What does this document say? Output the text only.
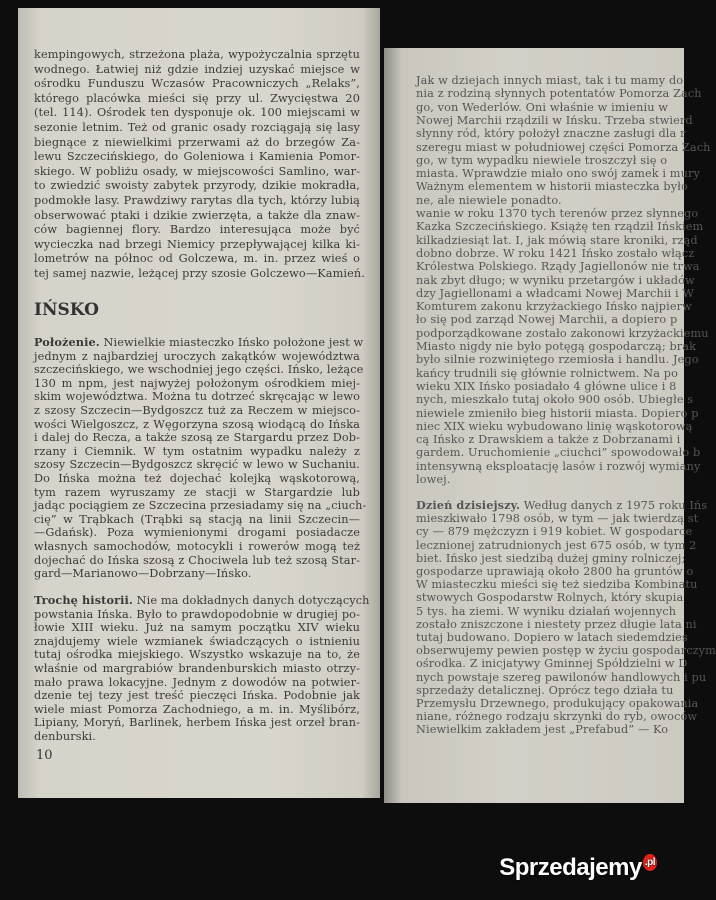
kempingowych, strzeżona plaża, wypożyczalnia sprzętu
wodnego. Łatwiej niż gdzie indziej uzyskać miejsce w
ośrodku Funduszu Wczasów Pracowniczych „Relaks”,
którego placówka mieści się przy ul. Zwycięstwa 20
(tel. 114). Ośrodek ten dysponuje ok. 100 miejscami w
sezonie letnim. Też od granic osady rozciągają się lasy
biegnące z niewielkimi przerwami aż do brzegów Za-
lewu Szczecińskiego, do Goleniowa i Kamienia Pomor-
skiego. W pobliżu osady, w miejscowości Samlino, war-
to zwiedzić swoisty zabytek przyrody, dzikie mokradła,
podmokłe lasy. Prawdziwy rarytas dla tych, którzy lubią
obserwować ptaki i dzikie zwierzęta, a także dla znaw-
ców bagiennej flory. Bardzo interesująca może być
wycieczka nad brzegi Niemicy przepływającej kilka ki-
lometrów na północ od Golczewa, m. in. przez wieś o
tej samej nazwie, leżącej przy szosie Golczewo—Kamień.
IŃSKO
Położenie. Niewielkie miasteczko Ińsko położone jest w
jednym z najbardziej uroczych zakątków województwa
szczecińskiego, we wschodniej jego części. Ińsko, leżące
130 m npm, jest najwyżej położonym ośrodkiem miej-
skim województwa. Można tu dotrzeć skręcając w lewo
z szosy Szczecin—Bydgoszcz tuż za Reczem w miejsco-
wości Wielgoszcz, z Węgorzyna szosą wiodącą do Ińska
i dalej do Recza, a także szosą ze Stargardu przez Dob-
rzany i Ciemnik. W tym ostatnim wypadku należy z
szosy Szczecin—Bydgoszcz skręcić w lewo w Suchaniu.
Do Ińska można też dojechać kolejką wąskotorową,
tym razem wyruszamy ze stacji w Stargardzie lub
jadąc pociągiem ze Szczecina przesiadamy się na „ciuch-
cię” w Trąbkach (Trąbki są stacją na linii Szczecin—
—Gdańsk). Poza wymienionymi drogami posiadacze
własnych samochodów, motocykli i rowerów mogą też
dojechać do Ińska szosą z Chociwela lub też szosą Star-
gard—Marianowo—Dobrzany—Ińsko.
Trochę historii. Nie ma dokładnych danych dotyczących
powstania Ińska. Było to prawdopodobnie w drugiej po-
łowie XIII wieku. Już na samym początku XIV wieku
znajdujemy wiele wzmianek świadczących o istnieniu
tutaj ośrodka miejskiego. Wszystko wskazuje na to, że
właśnie od margrabiów brandenburskich miasto otrzy-
mało prawa lokacyjne. Jednym z dowodów na potwier-
dzenie tej tezy jest treść pieczęci Ińska. Podobnie jak
wiele miast Pomorza Zachodniego, a m. in. Myślibórz,
Lipiany, Moryń, Barlinek, herbem Ińska jest orzeł bran-
denburski.
10
Jak w dziejach innych miast, tak i tu mamy do
nia z rodziną słynnych potentatów Pomorza Zach
go, von Wederlów. Oni właśnie w imieniu w
Nowej Marchii rządzili w Ińsku. Trzeba stwierd
słynny ród, który położył znaczne zasługi dla r
szeregu miast w południowej części Pomorza Zach
go, w tym wypadku niewiele troszczył się o
miasta. Wprawdzie miało ono swój zamek i mury
Ważnym elementem w historii miasteczka było
ne, ale niewiele ponadto.
wanie w roku 1370 tych terenów przez słynnego
Kazka Szczecińskiego. Książę ten rządził Ińskiem
kilkadziesiąt lat. I, jak mówią stare kroniki, rząd
dobno dobrze. W roku 1421 Ińsko zostało włącz
Królestwa Polskiego. Rządy Jagiellonów nie trwa
nak zbyt długo; w wyniku przetargów i układów
dzy Jagiellonami a władcami Nowej Marchii i W
Komturem zakonu krzyżackiego Ińsko najpierw
ło się pod zarząd Nowej Marchii, a dopiero p
podporządkowane zostało zakonowi krzyżackiemu
Miasto nigdy nie było potęgą gospodarczą; brak
było silnie rozwiniętego rzemiosła i handlu. Jego
kańcy trudnili się głównie rolnictwem. Na po
wieku XIX Ińsko posiadało 4 główne ulice i 8
nych, mieszkało tutaj około 900 osób. Ubiegłe s
niewiele zmieniło bieg historii miasta. Dopiero p
niec XIX wieku wybudowano linię wąskotorową
cą Ińsko z Drawskiem a także z Dobrzanami i
gardem. Uruchomienie „ciuchci” spowodowało b
intensywną eksploatację lasów i rozwój wymiany
lowej.
Dzień dzisiejszy. Według danych z 1975 roku Ińs
mieszkiwało 1798 osób, w tym — jak twierdzą st
cy — 879 mężczyzn i 919 kobiet. W gospodarce
lecznionej zatrudnionych jest 675 osób, w tym 2
biet. Ińsko jest siedzibą dużej gminy rolniczej;
gospodarze uprawiają około 2800 ha gruntów o
W miasteczku mieści się też siedziba Kombinatu
stwowych Gospodarstw Rolnych, który skupia
5 tys. ha ziemi. W wyniku działań wojennych
zostało zniszczone i niestety przez długie lata ni
tutaj budowano. Dopiero w latach siedemdzies
obserwujemy pewien postęp w życiu gospodarczym
ośrodka. Z inicjatywy Gminnej Spółdzielni w D
nych powstaje szereg pawilonów handlowych i pu
sprzedaży detalicznej. Oprócz tego działa tu
Przemysłu Drzewnego, produkujący opakowania
niane, różnego rodzaju skrzynki do ryb, owoców
Niewielkim zakładem jest „Prefabud” — Ko
Sprzedajemy .pl
